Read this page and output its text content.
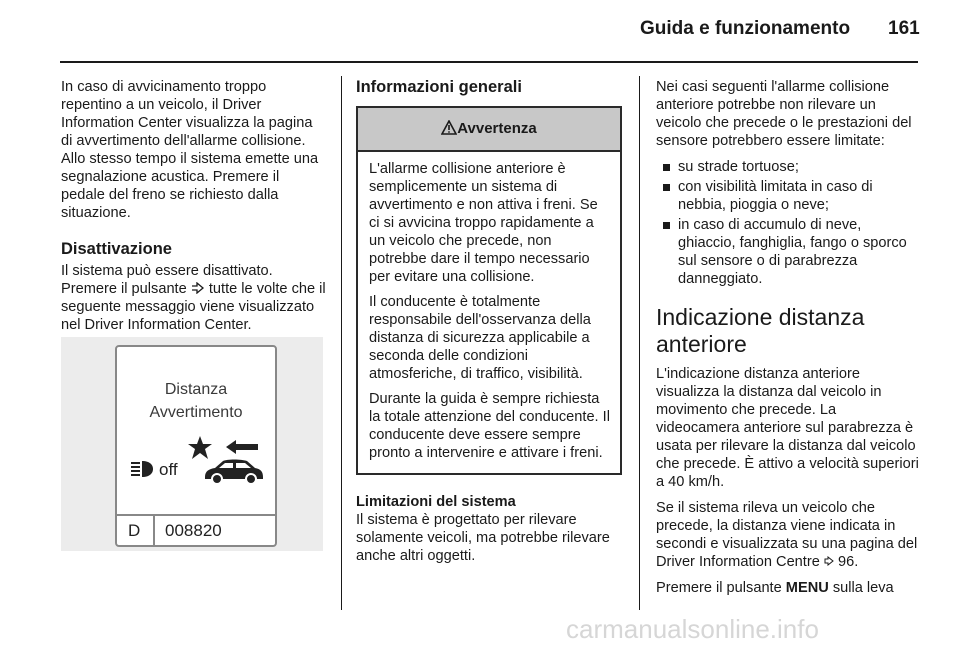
Guida e funzionamento 161

In caso di avvicinamento troppo repentino a un veicolo, il Driver Information Center visualizza la pagina di avvertimento dell'allarme collisione. Allo stesso tempo il sistema emette una segnalazione acustica. Premere il pedale del freno se richiesto dalla situazione.

Disattivazione

Il sistema può essere disattivato. Premere il pulsante  tutte le volte che il seguente messaggio viene visualizzato nel Driver Information Center.

Distanza
Avvertimento
off
D 008820
Informazioni generali
Avvertenza

L'allarme collisione anteriore è semplicemente un sistema di avvertimento e non attiva i freni. Se ci si avvicina troppo rapidamente a un veicolo che precede, non potrebbe dare il tempo necessario per evitare una collisione.

Il conducente è totalmente responsabile dell'osservanza della distanza di sicurezza applicabile a seconda delle condizioni atmosferiche, di traffico, visibilità.

Durante la guida è sempre richiesta la totale attenzione del conducente. Il conducente deve essere sempre pronto a intervenire e attivare i freni.

Limitazioni del sistema

Il sistema è progettato per rilevare solamente veicoli, ma potrebbe rilevare anche altri oggetti.

Nei casi seguenti l'allarme collisione anteriore potrebbe non rilevare un veicolo che precede o le prestazioni del sensore potrebbero essere limitate:

su strade tortuose;
con visibilità limitata in caso di nebbia, pioggia o neve;
in caso di accumulo di neve, ghiaccio, fanghiglia, fango o sporco sul sensore o di parabrezza danneggiato.
Indicazione distanza anteriore

L'indicazione distanza anteriore visualizza la distanza dal veicolo in movimento che precede. La videocamera anteriore sul parabrezza è usata per rilevare la distanza dal veicolo che precede. È attivo a velocità superiori a 40 km/h.

Se il sistema rileva un veicolo che precede, la distanza viene indicata in secondi e visualizzata su una pagina del Driver Information Centre  96.

Premere il pulsante MENU sulla leva

carmanualsonline.info
